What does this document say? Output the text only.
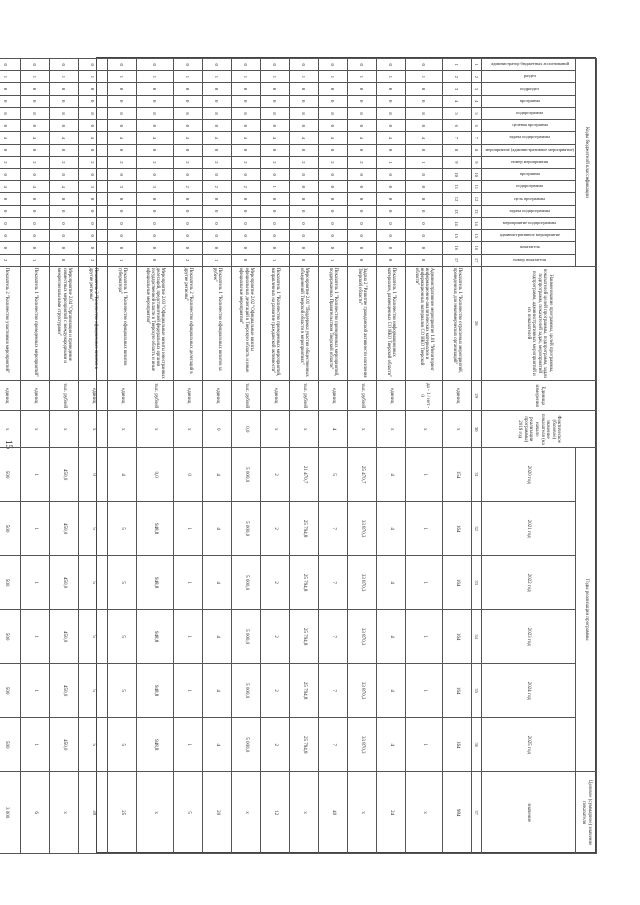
15
Коды бюджетной классификации																	Наименование программы, целей программы, показателей целей программы, подпрограмм, задач подпрограмм, показателей задач, мероприятий подпрограмм, административных мероприятий и их показателей	Единица измерения	Фактическое (базовое) значение показателя (на начало реализации программы) 2019 год	Годы реализации программы						Целевое (суммарное) значение показателя
администратор бюджетных ассигнований	раздел	подраздел	программа	подпрограмма	целевая программа	задача подпрограммы	мероприятие (административное мероприятие)	номер мероприятия	программа	подпрограмма	цель программы	задача подпрограммы	мероприятие подпрограммы	административное мероприятие	показатель	номер показателя				2020 год	2021 год	2022 год	2023 год	2024 год	2025 год	значение
1	2	3	4	5	6	7	8	9	10	11	12	13	14	15	16	17	28	29	30	31	32	33	34	35	36	37
1	2	3	4	5	6	7	8	9	10	11	12	13	14	15	16	17	Показатель 1 "Количество отраслевых мероприятий, проведенных для некоммерческих организаций"	единиц	х	154	164	164	164	164	164	984
0	1	0	0	8	0	4	0	1	0	0	0	0	0	0	0	0	Административное мероприятие 1.01 "Мониторинг информационно-аналитических материалов и информационных материалов СО НКО Тверской области"	да - 1 / нет - 0	х	1	1	1	1	1	1	х
0	1	0	0	8	0	4	0	1	0	0	0	0	0	0	0	0	Показатель 1 "Количество информационных материалов, размещенных СО НКО Тверской области"	единиц	х	4	4	4	4	4	4	24
0	1	0	0	8	0	4	0	2	0	0	0	0	0	0	0	0	Задача 2 "Развитие гражданской активности населения Тверской области"	тыс. рублей	х	25 470,7	33 870,3	33 870,3	33 870,3	33 870,3	33 870,3	х
0	1	0	0	8	0	4	0	2	0	0	0	0	0	0	0	1	Показатель 1 "Количество проведенных мероприятий, поддержанных Правительством Тверской области"	единиц	4	5	7	7	7	7	7	40
0	1	0	0	8	0	4	0	2	0	0	0	0	0	0	0	0	Мероприятие 2.01 "Поддержка участия общественных объединений Тверской области в мероприятиях"	тыс. рублей	х	21 470,7	25 794,8	25 794,8	25 794,8	25 794,8	25 794,8	х
0	1	0	0	8	0	4	0	2	0	1	0	0	0	0	0	1	Показатель 1 "Количество проведенных мероприятий, направленных на развитие гражданской активности"	единиц	х	2	2	2	2	2	2	12
0	1	0	0	8	0	4	0	2	0	2	0	0	0	0	0	0	Мероприятие 2.02 "Официальные визиты официальных делегаций в Тверскую область и иные официальные мероприятия"	тыс. рублей	0,0	5 000,0	5 000,0	5 000,0	5 000,0	5 000,0	5 000,0	х
0	1	0	0	8	0	4	0	2	0	2	0	0	0	0	0	1	Показатель 1 "Количество официальных визитов за рубеж"	единиц	0	4	4	4	4	4	4	20
0	1	0	0	8	0	4	0	2	0	2	0	0	0	0	0	2	Показатель 2 "Количество официальных делегаций в другие регионы"	единиц	х	0	1	1	1	1	1	5
0	1	0	0	8	0	4	0	2	0	3	0	0	0	0	0	0	Мероприятие 2.03 "Официальные визиты иностранных делегаций, представителей федеральных органов государственной власти в Тверскую область и иные официальные мероприятия"	тыс. рублей	х	0,0	948,8	948,8	948,8	948,8	948,8	х
0	1	0	0	8	0	4	0	2	0	3	0	0	0	0	0	1	Показатель 1 "Количество официальных визитов губернатора"	единиц	х	4	5	5	5	5	5	25
0	1	0	0	8	0	4	0	2	0	3	0	0	0	0	0	2	Показатель 2 "Количество официальных визитов в другие регионы"	единиц	х	0	5	5	5	5	5	30
0	1	0	0	8	0	4	0	2	0	4	0	0	0	0	0	0	Мероприятие 2.04 "Организация и проведение совместных мероприятий с международными и межрегиональными структурами"	тыс. рублей	х	450,0	450,0	450,0	450,0	450,0	450,0	х
0	1	0	0	8	0	4	0	2	0	4	0	0	0	0	0	1	Показатель 1 "Количество проведенных мероприятий"	единиц	х	1	1	1	1	1	1	6
0	1	0	0	8	0	4	0	2	0	4	0	0	0	0	0	2	Показатель 2 "Количество участников мероприятий"	единиц	х	500	500	500	500	500	500	3 000
